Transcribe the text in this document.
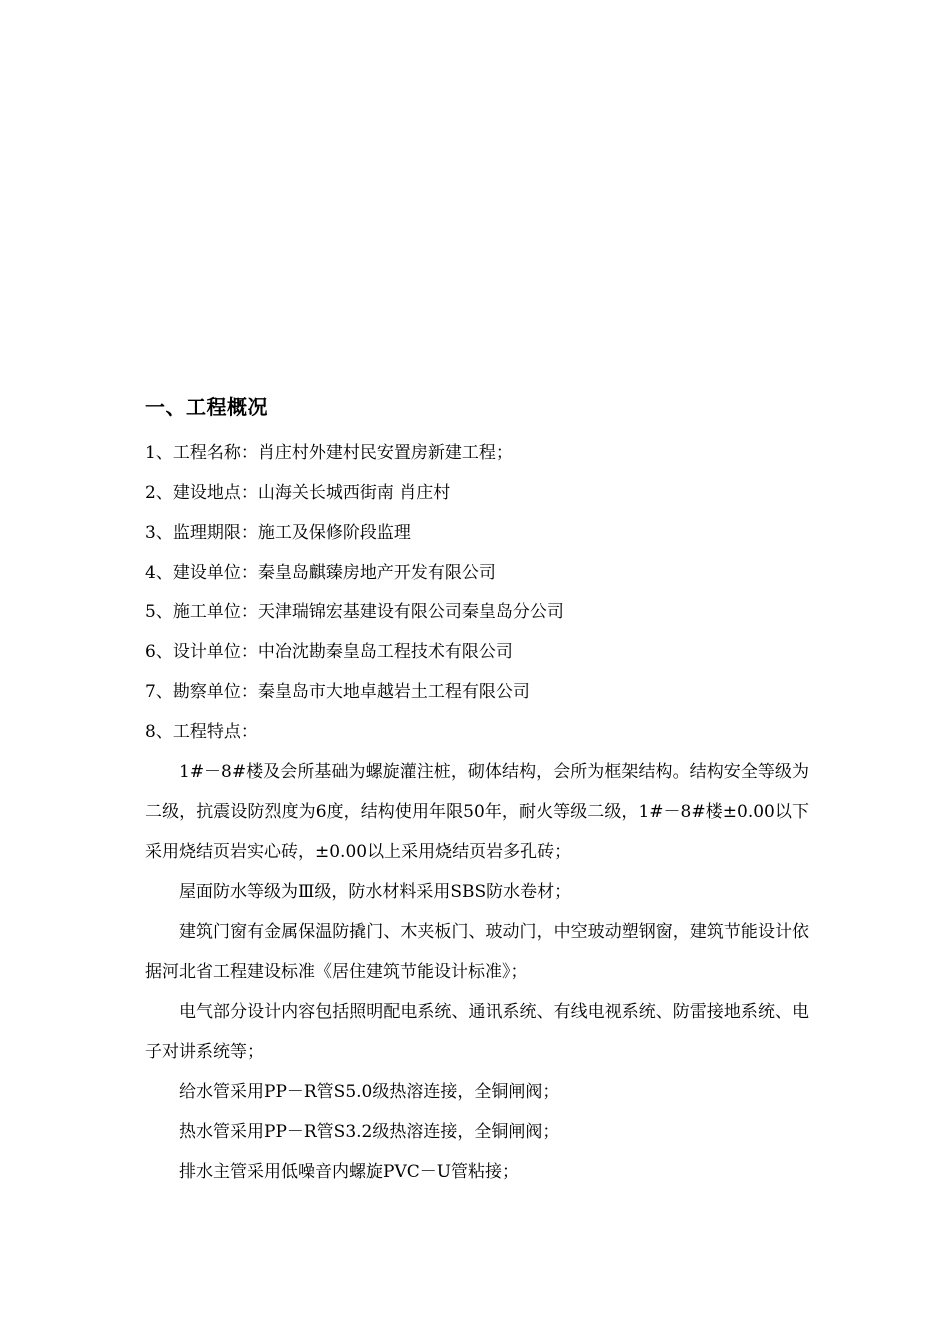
一、工程概况
1、工程名称：肖庄村外建村民安置房新建工程；
2、建设地点：山海关长城西街南 肖庄村
3、监理期限：施工及保修阶段监理
4、建设单位：秦皇岛麒臻房地产开发有限公司
5、施工单位：天津瑞锦宏基建设有限公司秦皇岛分公司
6、设计单位：中冶沈勘秦皇岛工程技术有限公司
7、勘察单位：秦皇岛市大地卓越岩土工程有限公司
8、工程特点：

1#－8#楼及会所基础为螺旋灌注桩，砌体结构，会所为框架结构。结构安全等级为二级，抗震设防烈度为6度，结构使用年限50年，耐火等级二级，1#－8#楼±0.00以下采用烧结页岩实心砖，±0.00以上采用烧结页岩多孔砖；

屋面防水等级为Ⅲ级，防水材料采用SBS防水卷材；

建筑门窗有金属保温防撬门、木夹板门、玻动门，中空玻动塑钢窗，建筑节能设计依据河北省工程建设标准《居住建筑节能设计标准》；

电气部分设计内容包括照明配电系统、通讯系统、有线电视系统、防雷接地系统、电子对讲系统等；

给水管采用PP－R管S5.0级热溶连接，全铜闸阀；

热水管采用PP－R管S3.2级热溶连接，全铜闸阀；

排水主管采用低噪音内螺旋PVC－U管粘接；
